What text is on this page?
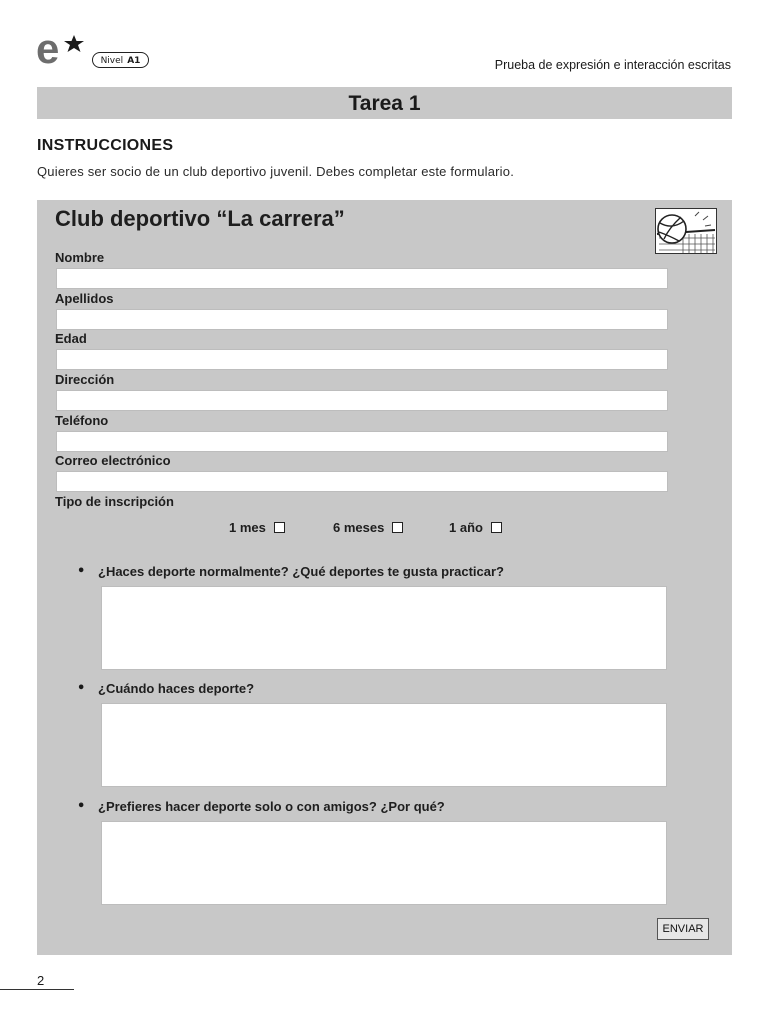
e	Nivel A1	Prueba de expresión e interacción escritas
Tarea 1
INSTRUCCIONES
Quieres ser socio de un club deportivo juvenil. Debes completar este formulario.
Club deportivo “La carrera”
Nombre
Apellidos
Edad
Dirección
Teléfono
Correo electrónico
Tipo de inscripción
1 mes	6 meses	1 año
• ¿Haces deporte normalmente? ¿Qué deportes te gusta practicar?
• ¿Cuándo haces deporte?
• ¿Prefieres hacer deporte solo o con amigos? ¿Por qué?
ENVIAR
2
